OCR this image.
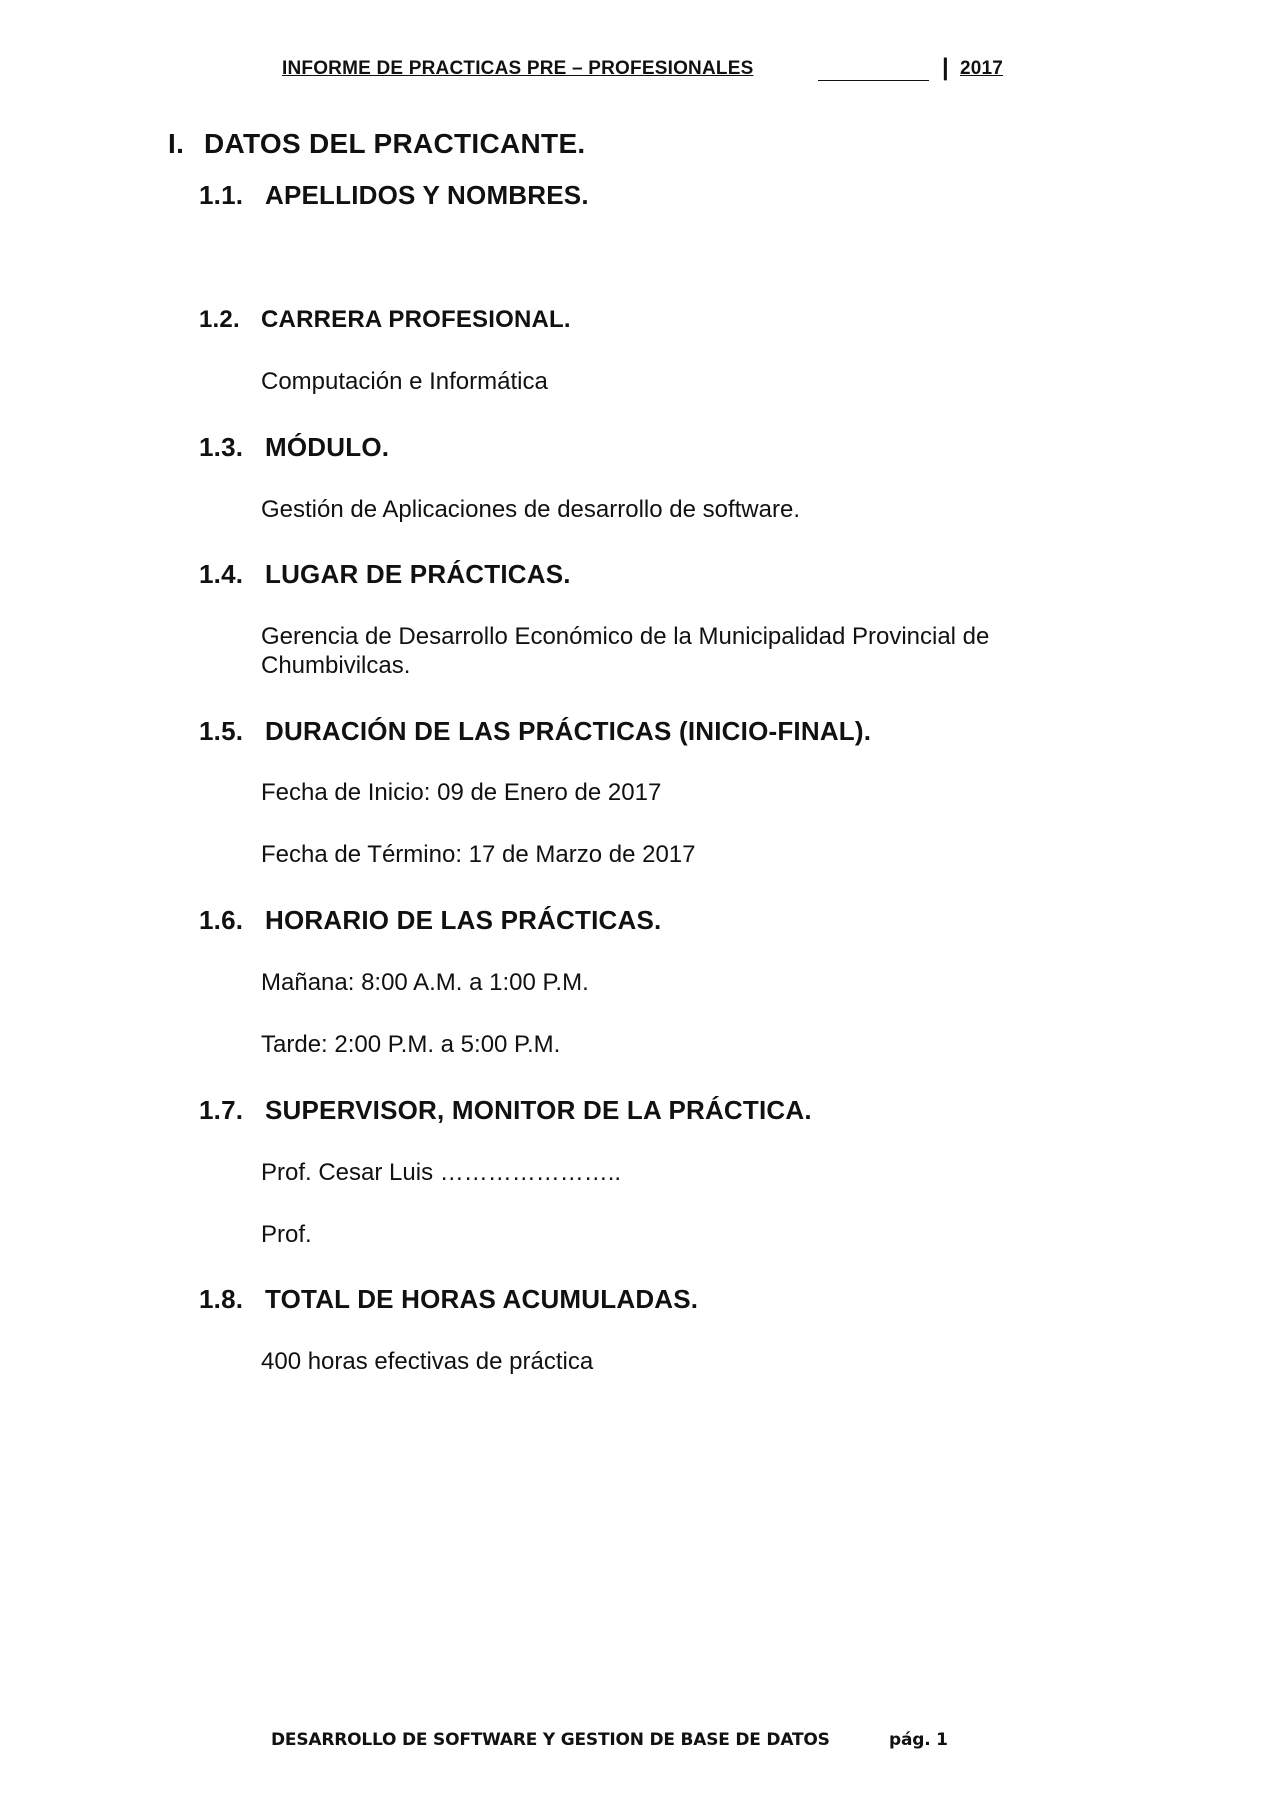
INFORME DE PRACTICAS PRE – PROFESIONALES	| 2017
I. DATOS DEL PRACTICANTE.
1.1. APELLIDOS Y NOMBRES.
1.2. CARRERA PROFESIONAL.
Computación e Informática
1.3. MÓDULO.
Gestión de Aplicaciones de desarrollo de software.
1.4. LUGAR DE PRÁCTICAS.
Gerencia de Desarrollo Económico de la Municipalidad Provincial de
Chumbivilcas.
1.5. DURACIÓN DE LAS PRÁCTICAS (INICIO-FINAL).
Fecha de Inicio: 09 de Enero de 2017
Fecha de Término: 17 de Marzo de 2017
1.6. HORARIO DE LAS PRÁCTICAS.
Mañana: 8:00 A.M. a 1:00 P.M.
Tarde: 2:00 P.M. a 5:00 P.M.
1.7. SUPERVISOR, MONITOR DE LA PRÁCTICA.
Prof. Cesar Luis …………………..
Prof.
1.8. TOTAL DE HORAS ACUMULADAS.
400 horas efectivas de práctica
DESARROLLO DE SOFTWARE Y GESTION DE BASE DE DATOS	pág. 1
